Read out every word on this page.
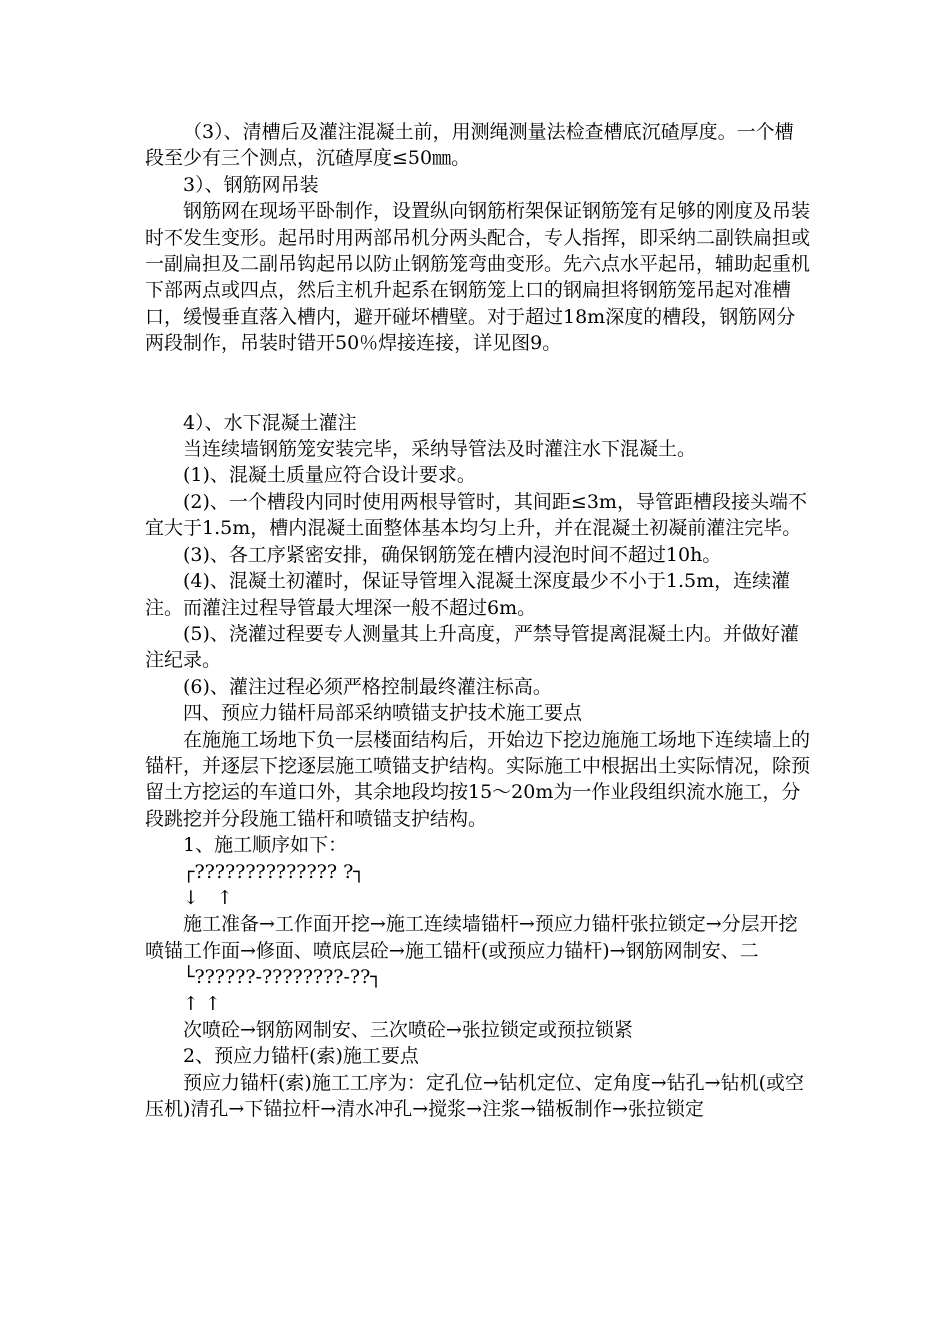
（3）、清槽后及灌注混凝土前，用测绳测量法检查槽底沉碴厚度。一个槽段至少有三个测点，沉碴厚度≤50㎜。

3）、钢筋网吊装

钢筋网在现场平卧制作，设置纵向钢筋桁架保证钢筋笼有足够的刚度及吊装时不发生变形。起吊时用两部吊机分两头配合，专人指挥，即采纳二副铁扁担或一副扁担及二副吊钩起吊以防止钢筋笼弯曲变形。先六点水平起吊，辅助起重机下部两点或四点，然后主机升起系在钢筋笼上口的钢扁担将钢筋笼吊起对准槽口，缓慢垂直落入槽内，避开碰坏槽壁。对于超过18m深度的槽段，钢筋网分两段制作，吊装时错开50％焊接连接，详见图9。

4）、水下混凝土灌注

当连续墙钢筋笼安装完毕，采纳导管法及时灌注水下混凝土。

(1)、混凝土质量应符合设计要求。

(2)、一个槽段内同时使用两根导管时，其间距≤3m，导管距槽段接头端不宜大于1.5m，槽内混凝土面整体基本均匀上升，并在混凝土初凝前灌注完毕。

(3)、各工序紧密安排，确保钢筋笼在槽内浸泡时间不超过10h。

(4)、混凝土初灌时，保证导管埋入混凝土深度最少不小于1.5m，连续灌注。而灌注过程导管最大埋深一般不超过6m。

(5)、浇灌过程要专人测量其上升高度，严禁导管提离混凝土内。并做好灌注纪录。

(6)、灌注过程必须严格控制最终灌注标高。

四、预应力锚杆局部采纳喷锚支护技术施工要点

在施施工场地下负一层楼面结构后，开始边下挖边施施工场地下连续墙上的锚杆，并逐层下挖逐层施工喷锚支护结构。实际施工中根据出土实际情况，除预留土方挖运的车道口外，其余地段均按15～20m为一作业段组织流水施工，分段跳挖并分段施工锚杆和喷锚支护结构。

1、施工顺序如下：

┌?????????????? ?┐

↓   ↑

施工准备→工作面开挖→施工连续墙锚杆→预应力锚杆张拉锁定→分层开挖喷锚工作面→修面、喷底层砼→施工锚杆(或预应力锚杆)→钢筋网制安、二

└??????-????????-??┐

↑ ↑

次喷砼→钢筋网制安、三次喷砼→张拉锁定或预拉锁紧

2、预应力锚杆(索)施工要点

预应力锚杆(索)施工工序为：定孔位→钻机定位、定角度→钻孔→钻机(或空压机)清孔→下锚拉杆→清水冲孔→搅浆→注浆→锚板制作→张拉锁定
